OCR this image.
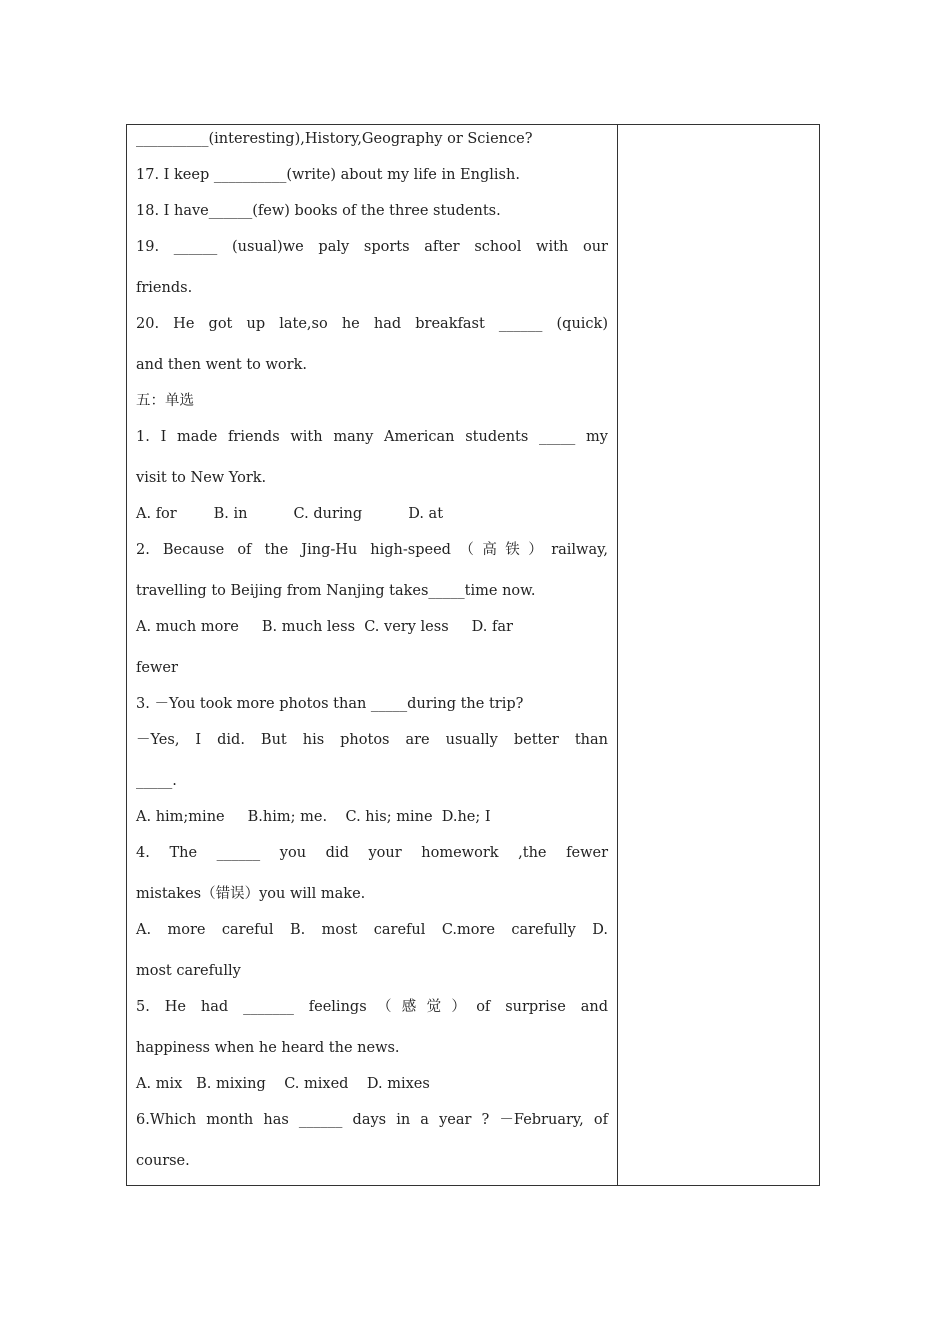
__________(interesting),History,Geography or Science?
17. I keep __________(write) about my life in English.
18. I have______(few) books of the three students.
19. ______ (usual)we paly sports after school with our
friends.
20. He got up late,so he had breakfast ______ (quick)
and then went to work.
五：单选
1. I made friends with many American students _____ my
visit to New York.
A. for        B. in          C. during          D. at
2. Because of the Jing-Hu high-speed（高铁）railway,
travelling to Beijing from Nanjing takes_____time now.
A. much more     B. much less  C. very less     D. far
fewer
3. －You took more photos than _____during the trip?
－Yes, I did. But his photos are usually better than
_____.
A. him;mine     B.him; me.    C. his; mine  D.he; I
4. The ______ you did your homework ,the fewer
mistakes（错误）you will make.
A. more careful B. most careful C.more carefully D.
most carefully
5. He had _______ feelings（感觉）of surprise and
happiness when he heard the news.
A. mix   B. mixing    C. mixed    D. mixes
6.Which month has ______ days in a year ? －February, of
course.
